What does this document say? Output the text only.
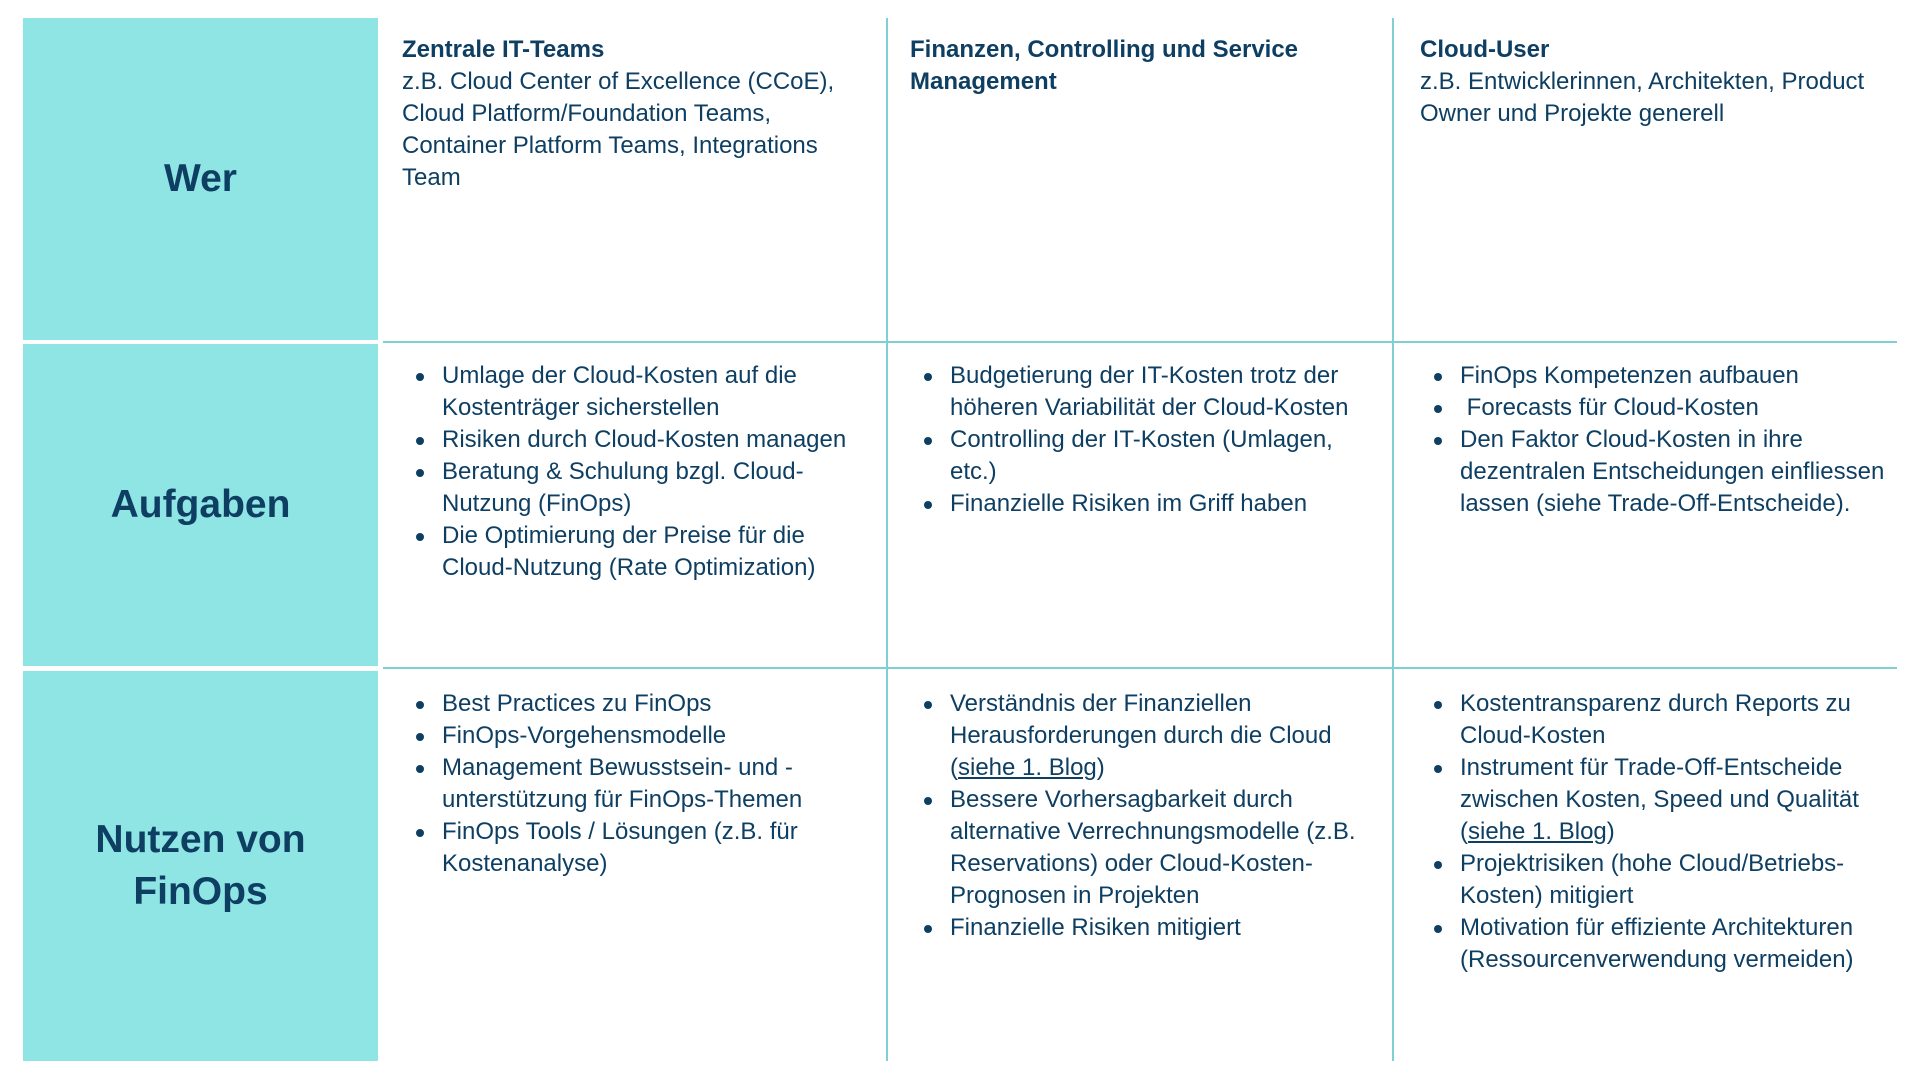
Wer
Aufgaben
Nutzen von
FinOps
Zentrale IT-Teams
z.B. Cloud Center of Excellence (CCoE), Cloud Platform/Foundation Teams, Container Platform Teams, Integrations Team
Finanzen, Controlling und Service Management
Cloud-User
z.B. Entwicklerinnen, Architekten, Product Owner und Projekte generell
Umlage der Cloud-Kosten auf die Kostenträger sicherstellen
Risiken durch Cloud-Kosten managen
Beratung & Schulung bzgl. Cloud-Nutzung (FinOps)
Die Optimierung der Preise für die Cloud-Nutzung (Rate Optimization)
Budgetierung der IT-Kosten trotz der höheren Variabilität der Cloud-Kosten
Controlling der IT-Kosten (Umlagen, etc.)
Finanzielle Risiken im Griff haben
FinOps Kompetenzen aufbauen
Forecasts für Cloud-Kosten
Den Faktor Cloud-Kosten in ihre dezentralen Entscheidungen einfliessen lassen (siehe Trade-Off-Entscheide).
Best Practices zu FinOps
FinOps-Vorgehensmodelle
Management Bewusstsein- und -unterstützung für FinOps-Themen
FinOps Tools / Lösungen (z.B. für Kostenanalyse)
Verständnis der Finanziellen Herausforderungen durch die Cloud (siehe 1. Blog)
Bessere Vorhersagbarkeit durch alternative Verrechnungsmodelle (z.B. Reservations) oder Cloud-Kosten-Prognosen in Projekten
Finanzielle Risiken mitigiert
Kostentransparenz durch Reports zu Cloud-Kosten
Instrument für Trade-Off-Entscheide zwischen Kosten, Speed und Qualität (siehe 1. Blog)
Projektrisiken (hohe Cloud/Betriebs-Kosten) mitigiert
Motivation für effiziente Architekturen (Ressourcenverwendung vermeiden)
